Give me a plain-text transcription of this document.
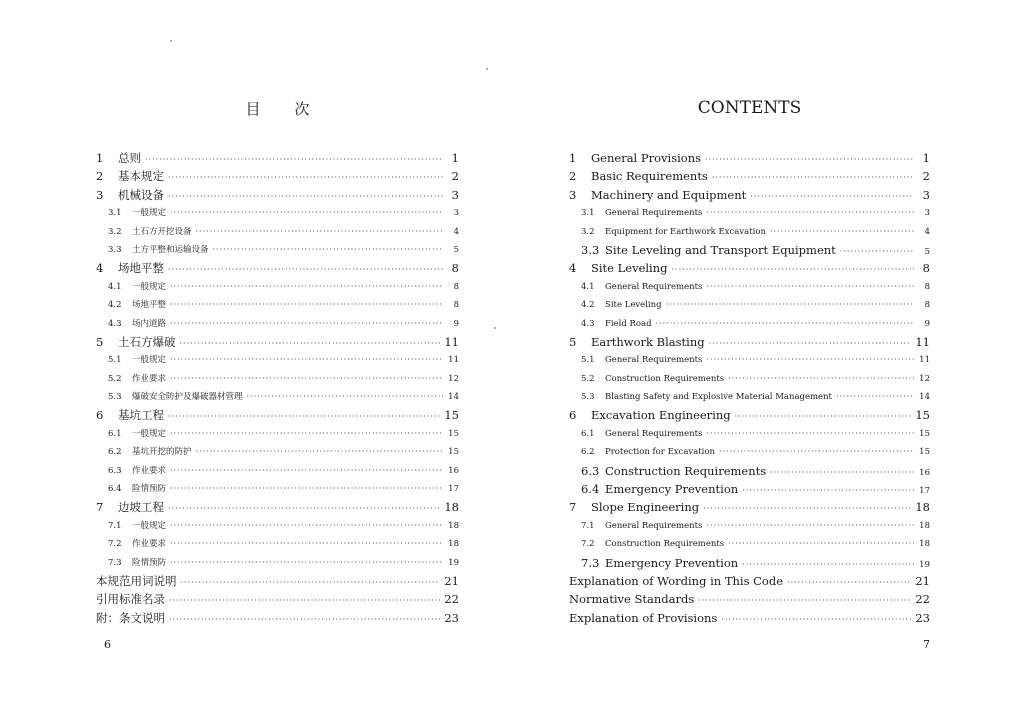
目次
1 总则 ·····	1
2 基本规定 ·····	2
3 机械设备 ·····	3
3.1 一般规定 ·····	3
3.2 土石方开挖设备 ·····	4
3.3 土方平整和运输设备 ·····	5
4 场地平整 ·····	8
4.1 一般规定 ·····	8
4.2 场地平整 ·····	8
4.3 场内道路 ·····	9
5 土石方爆破 ·····	11
5.1 一般规定 ·····	11
5.2 作业要求 ·····	12
5.3 爆破安全防护及爆破器材管理 ·····	14
6 基坑工程 ·····	15
6.1 一般规定 ·····	15
6.2 基坑开挖的防护 ·····	15
6.3 作业要求 ·····	16
6.4 险情预防 ·····	17
7 边坡工程 ·····	18
7.1 一般规定 ·····	18
7.2 作业要求 ·····	18
7.3 险情预防 ·····	19
本规范用词说明 ·····	21
引用标准名录 ·····	22
附：条文说明 ·····	23
6
CONTENTS
1 General Provisions ·····	1
2 Basic Requirements ·····	2
3 Machinery and Equipment ·····	3
3.1 General Requirements ·····	3
3.2 Equipment for Earthwork Excavation ·····	4
3.3 Site Leveling and Transport Equipment ·····	5
4 Site Leveling ·····	8
4.1 General Requirements ·····	8
4.2 Site Leveling ·····	8
4.3 Field Road ·····	9
5 Earthwork Blasting ·····	11
5.1 General Requirements ·····	11
5.2 Construction Requirements ·····	12
5.3 Blasting Safety and Explosive Material Management ·····	14
6 Excavation Engineering ·····	15
6.1 General Requirements ·····	15
6.2 Protection for Excavation ·····	15
6.3 Construction Requirements ·····	16
6.4 Emergency Prevention ·····	17
7 Slope Engineering ·····	18
7.1 General Requirements ·····	18
7.2 Construction Requirements ·····	18
7.3 Emergency Prevention ·····	19
Explanation of Wording in This Code ·····	21
Normative Standards ·····	22
Explanation of Provisions ·····	23
7
